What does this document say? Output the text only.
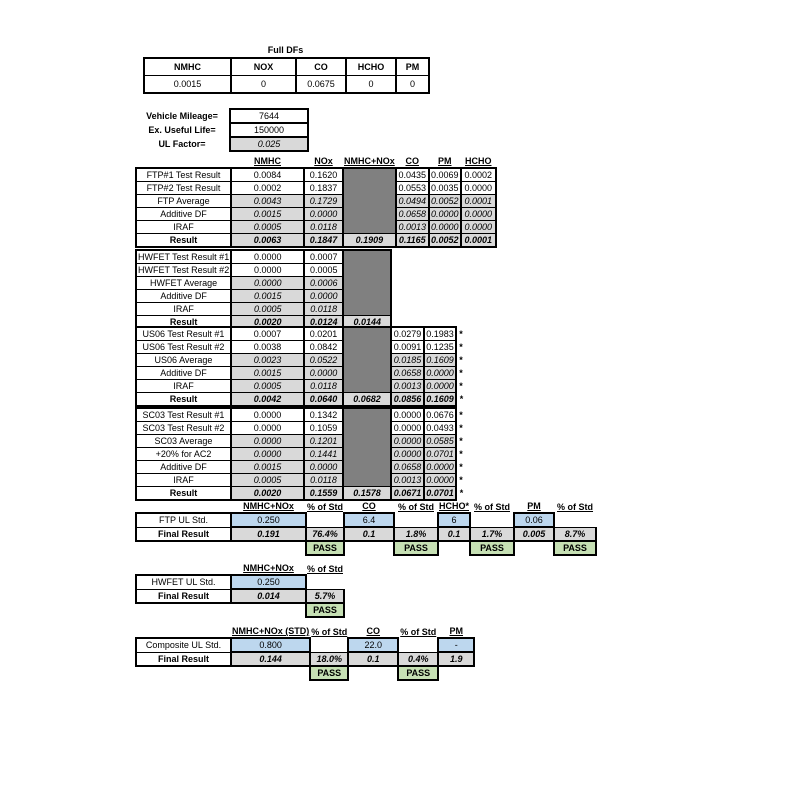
Full DFs
NMHC	NOX	CO	HCHO	PM
0.0015	0	0.0675	0	0
Vehicle Mileage=	7644
Ex. Useful Life=	150000
UL Factor=	0.025
	NMHC	NOx	NMHC+NOx	CO	PM	HCHO
FTP#1 Test Result	0.0084	0.1620		0.0435	0.0069	0.0002
FTP#2 Test Result	0.0002	0.1837		0.0553	0.0035	0.0000
FTP Average	0.0043	0.1729		0.0494	0.0052	0.0001
Additive DF	0.0015	0.0000		0.0658	0.0000	0.0000
IRAF	0.0005	0.0118		0.0013	0.0000	0.0000
Result	0.0063	0.1847	0.1909	0.1165	0.0052	0.0001
HWFET Test Result #1	0.0000	0.0007	
HWFET Test Result #2	0.0000	0.0005	
HWFET Average	0.0000	0.0006	
Additive DF	0.0015	0.0000	
IRAF	0.0005	0.0118	
Result	0.0020	0.0124	0.0144
US06 Test Result #1	0.0007	0.0201		0.0279	0.1983	*
US06 Test Result #2	0.0038	0.0842		0.0091	0.1235	*
US06 Average	0.0023	0.0522		0.0185	0.1609	*
Additive DF	0.0015	0.0000		0.0658	0.0000	*
IRAF	0.0005	0.0118		0.0013	0.0000	*
Result	0.0042	0.0640	0.0682	0.0856	0.1609	*
SC03 Test Result #1	0.0000	0.1342		0.0000	0.0676	*
SC03 Test Result #2	0.0000	0.1059		0.0000	0.0493	*
SC03 Average	0.0000	0.1201		0.0000	0.0585	*
+20% for AC2	0.0000	0.1441		0.0000	0.0701	*
Additive DF	0.0015	0.0000		0.0658	0.0000	*
IRAF	0.0005	0.0118		0.0013	0.0000	*
Result	0.0020	0.1559	0.1578	0.0671	0.0701	*
	NMHC+NOx	% of Std	CO	% of Std	HCHO*	% of Std	PM	% of Std
FTP UL Std.	0.250		6.4		6		0.06	
Final Result	0.191	76.4%	0.1	1.8%	0.1	1.7%	0.005	8.7%
		PASS		PASS		PASS		PASS
	NMHC+NOx	% of Std
HWFET UL Std.	0.250	
Final Result	0.014	5.7%
		PASS
	NMHC+NOx (STD)	% of Std	CO	% of Std	PM
Composite UL Std.	0.800		22.0		-
Final Result	0.144	18.0%	0.1	0.4%	1.9
		PASS		PASS	
